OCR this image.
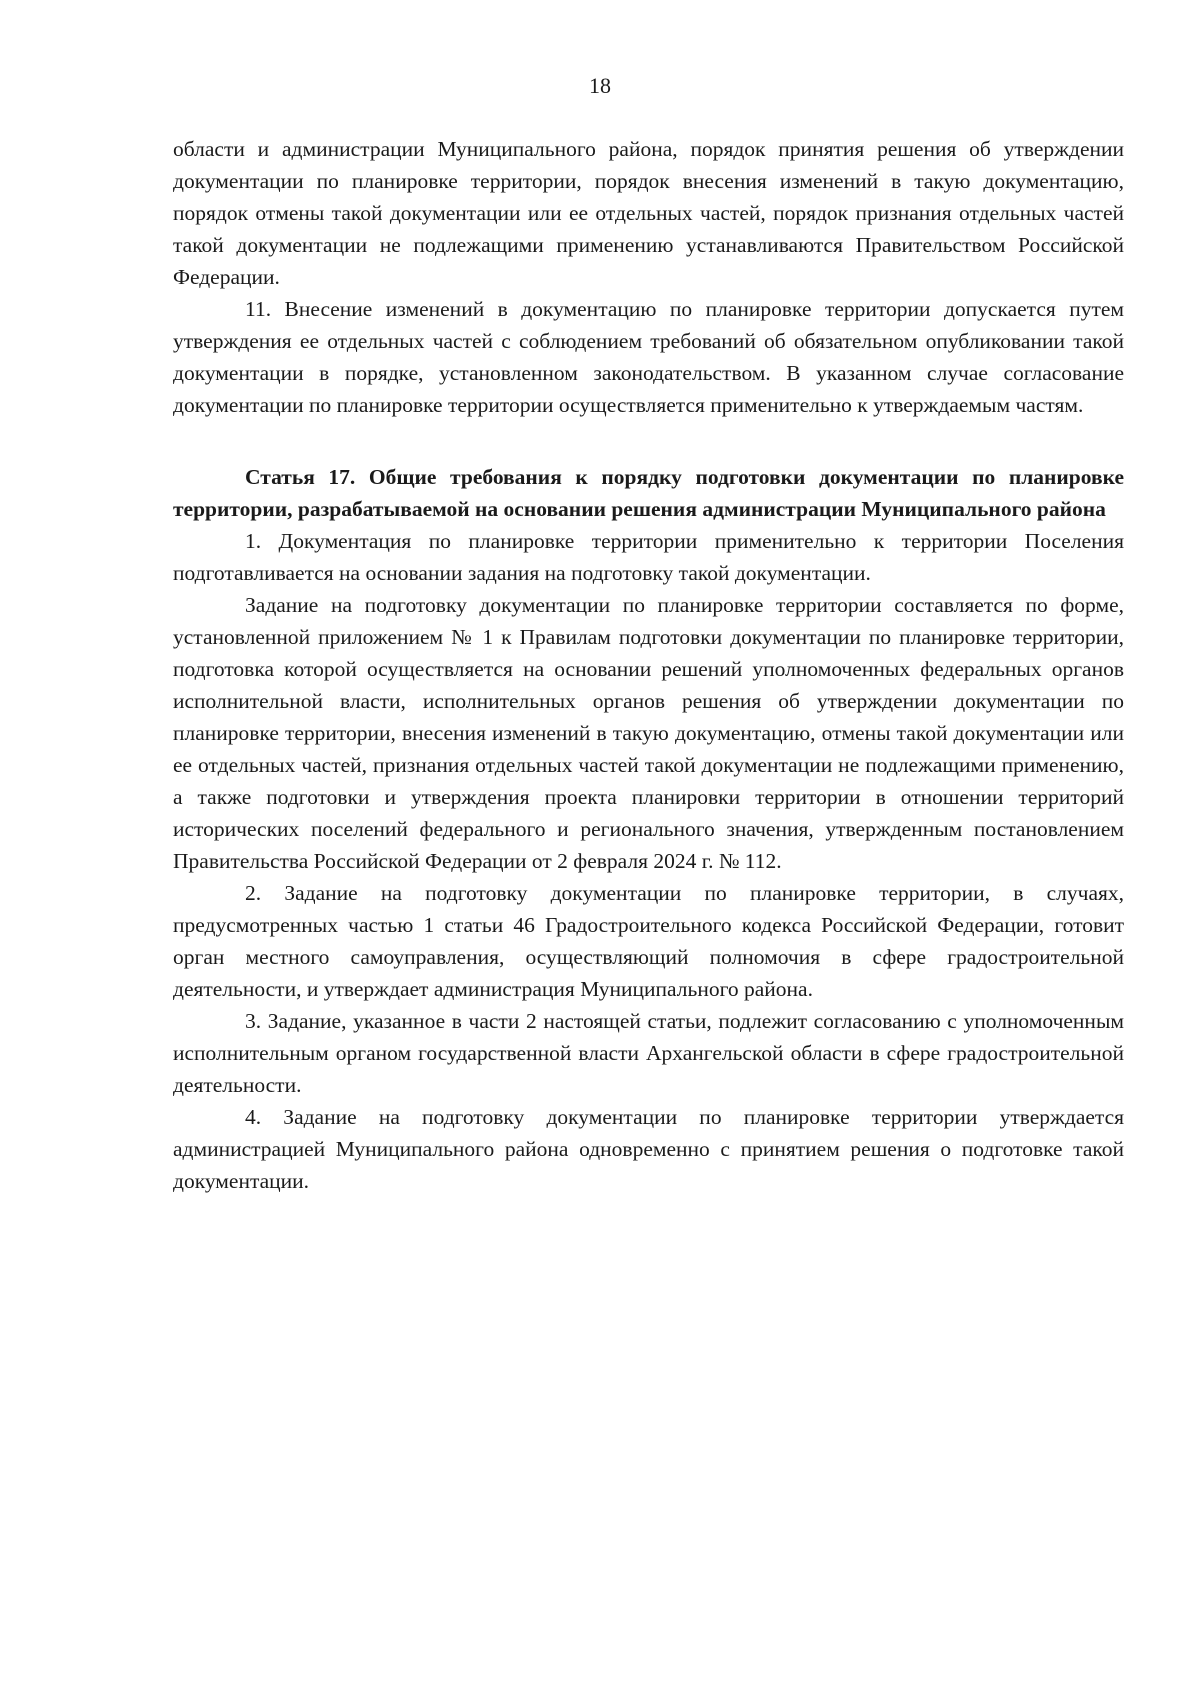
18

области и администрации Муниципального района, порядок принятия решения об утверждении документации по планировке территории, порядок внесения изменений в такую документацию, порядок отмены такой документации или ее отдельных частей, порядок признания отдельных частей такой документации не подлежащими применению устанавливаются Правительством Российской Федерации.

11. Внесение изменений в документацию по планировке территории допускается путем утверждения ее отдельных частей с соблюдением требований об обязательном опубликовании такой документации в порядке, установленном законодательством. В указанном случае согласование документации по планировке территории осуществляется применительно к утверждаемым частям.

Статья 17. Общие требования к порядку подготовки документации по планировке территории, разрабатываемой на основании решения администрации Муниципального района

1. Документация по планировке территории применительно к территории Поселения подготавливается на основании задания на подготовку такой документации.

Задание на подготовку документации по планировке территории составляется по форме, установленной приложением № 1 к Правилам подготовки документации по планировке территории, подготовка которой осуществляется на основании решений уполномоченных федеральных органов исполнительной власти, исполнительных органов решения об утверждении документации по планировке территории, внесения изменений в такую документацию, отмены такой документации или ее отдельных частей, признания отдельных частей такой документации не подлежащими применению, а также подготовки и утверждения проекта планировки территории в отношении территорий исторических поселений федерального и регионального значения, утвержденным постановлением Правительства Российской Федерации от 2 февраля 2024 г. № 112.

2. Задание на подготовку документации по планировке территории, в случаях, предусмотренных частью 1 статьи 46 Градостроительного кодекса Российской Федерации, готовит орган местного самоуправления, осуществляющий полномочия в сфере градостроительной деятельности, и утверждает администрация Муниципального района.

3. Задание, указанное в части 2 настоящей статьи, подлежит согласованию с уполномоченным исполнительным органом государственной власти Архангельской области в сфере градостроительной деятельности.

4. Задание на подготовку документации по планировке территории утверждается администрацией Муниципального района одновременно с принятием решения о подготовке такой документации.
